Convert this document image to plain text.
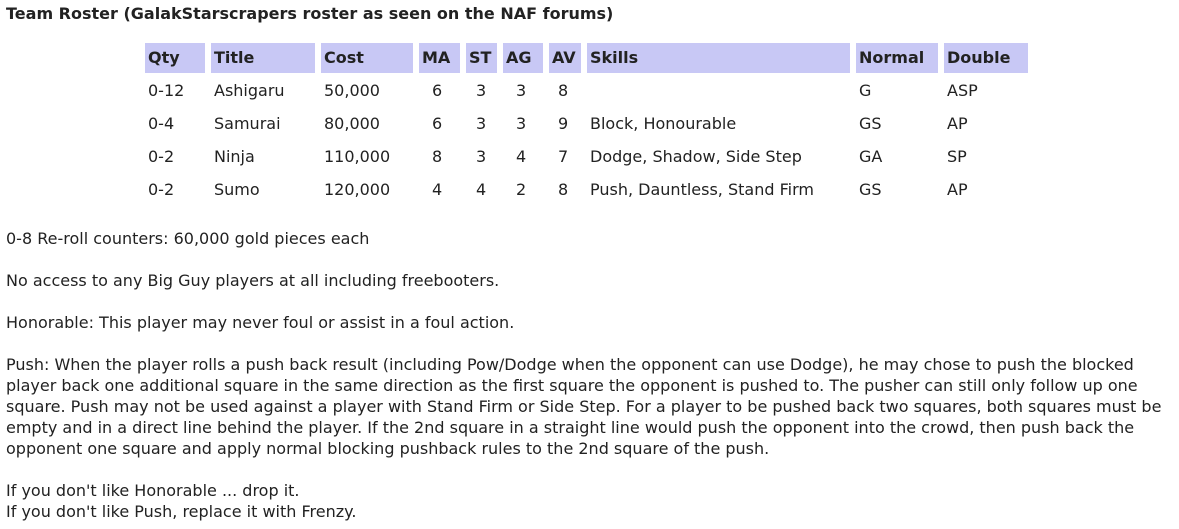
Team Roster (GalakStarscrapers roster as seen on the NAF forums)
Qty	Title	Cost	MA	ST	AG	AV	Skills	Normal	Double

0-12	Ashigaru	50,000	6	3	3	8		G	ASP
0-4	Samurai	80,000	6	3	3	9	Block, Honourable	GS	AP
0-2	Ninja	110,000	8	3	4	7	Dodge, Shadow, Side Step	GA	SP
0-2	Sumo	120,000	4	4	2	8	Push, Dauntless, Stand Firm	GS	AP
0-8 Re-roll counters: 60,000 gold pieces each
No access to any Big Guy players at all including freebooters.
Honorable: This player may never foul or assist in a foul action.
Push: When the player rolls a push back result (including Pow/Dodge when the opponent can use Dodge), he may chose to push the blocked player back one additional square in the same direction as the first square the opponent is pushed to. The pusher can still only follow up one square. Push may not be used against a player with Stand Firm or Side Step. For a player to be pushed back two squares, both squares must be empty and in a direct line behind the player. If the 2nd square in a straight line would push the opponent into the crowd, then push back the opponent one square and apply normal blocking pushback rules to the 2nd square of the push.
If you don't like Honorable ... drop it.
If you don't like Push, replace it with Frenzy.
